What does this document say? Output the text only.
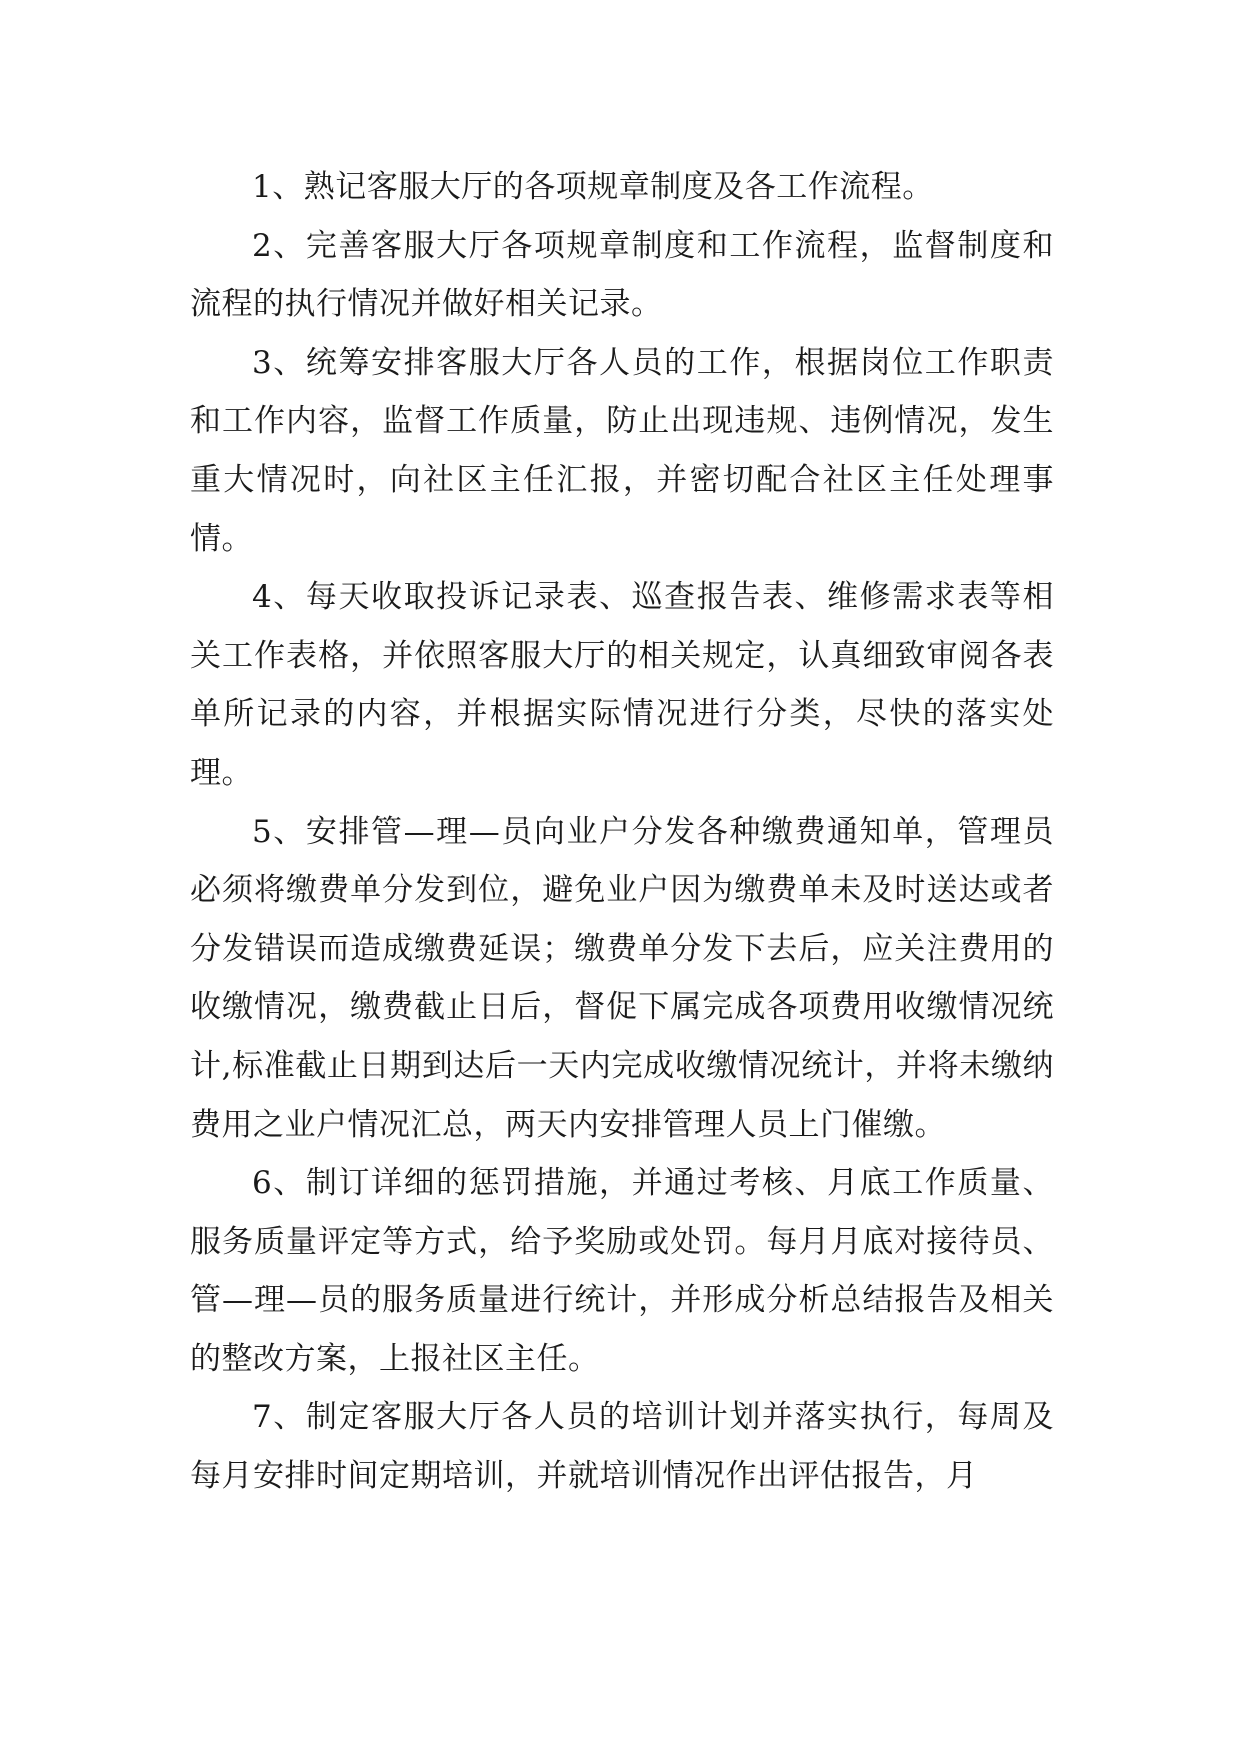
1、熟记客服大厅的各项规章制度及各工作流程。

2、完善客服大厅各项规章制度和工作流程，监督制度和流程的执行情况并做好相关记录。

3、统筹安排客服大厅各人员的工作，根据岗位工作职责和工作内容，监督工作质量，防止出现违规、违例情况，发生重大情况时，向社区主任汇报，并密切配合社区主任处理事情。

4、每天收取投诉记录表、巡查报告表、维修需求表等相关工作表格，并依照客服大厅的相关规定，认真细致审阅各表单所记录的内容，并根据实际情况进行分类，尽快的落实处理。

5、安排管—理—员向业户分发各种缴费通知单，管理员必须将缴费单分发到位，避免业户因为缴费单未及时送达或者分发错误而造成缴费延误；缴费单分发下去后，应关注费用的收缴情况，缴费截止日后，督促下属完成各项费用收缴情况统计,标准截止日期到达后一天内完成收缴情况统计，并将未缴纳费用之业户情况汇总，两天内安排管理人员上门催缴。

6、制订详细的惩罚措施，并通过考核、月底工作质量、服务质量评定等方式，给予奖励或处罚。每月月底对接待员、管—理—员的服务质量进行统计，并形成分析总结报告及相关的整改方案，上报社区主任。

7、制定客服大厅各人员的培训计划并落实执行，每周及每月安排时间定期培训，并就培训情况作出评估报告，月
